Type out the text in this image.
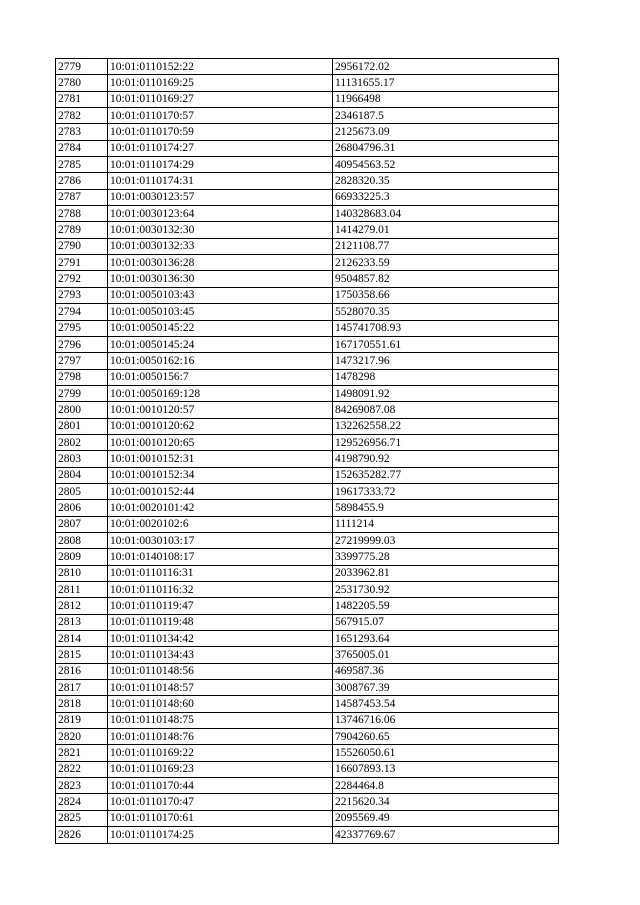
2779	10:01:0110152:22	2956172.02
2780	10:01:0110169:25	11131655.17
2781	10:01:0110169:27	11966498
2782	10:01:0110170:57	2346187.5
2783	10:01:0110170:59	2125673.09
2784	10:01:0110174:27	26804796.31
2785	10:01:0110174:29	40954563.52
2786	10:01:0110174:31	2828320.35
2787	10:01:0030123:57	66933225.3
2788	10:01:0030123:64	140328683.04
2789	10:01:0030132:30	1414279.01
2790	10:01:0030132:33	2121108.77
2791	10:01:0030136:28	2126233.59
2792	10:01:0030136:30	9504857.82
2793	10:01:0050103:43	1750358.66
2794	10:01:0050103:45	5528070.35
2795	10:01:0050145:22	145741708.93
2796	10:01:0050145:24	167170551.61
2797	10:01:0050162:16	1473217.96
2798	10:01:0050156:7	1478298
2799	10:01:0050169:128	1498091.92
2800	10:01:0010120:57	84269087.08
2801	10:01:0010120:62	132262558.22
2802	10:01:0010120:65	129526956.71
2803	10:01:0010152:31	4198790.92
2804	10:01:0010152:34	152635282.77
2805	10:01:0010152:44	19617333.72
2806	10:01:0020101:42	5898455.9
2807	10:01:0020102:6	1111214
2808	10:01:0030103:17	27219999.03
2809	10:01:0140108:17	3399775.28
2810	10:01:0110116:31	2033962.81
2811	10:01:0110116:32	2531730.92
2812	10:01:0110119:47	1482205.59
2813	10:01:0110119:48	567915.07
2814	10:01:0110134:42	1651293.64
2815	10:01:0110134:43	3765005.01
2816	10:01:0110148:56	469587.36
2817	10:01:0110148:57	3008767.39
2818	10:01:0110148:60	14587453.54
2819	10:01:0110148:75	13746716.06
2820	10:01:0110148:76	7904260.65
2821	10:01:0110169:22	15526050.61
2822	10:01:0110169:23	16607893.13
2823	10:01:0110170:44	2284464.8
2824	10:01:0110170:47	2215620.34
2825	10:01:0110170:61	2095569.49
2826	10:01:0110174:25	42337769.67
